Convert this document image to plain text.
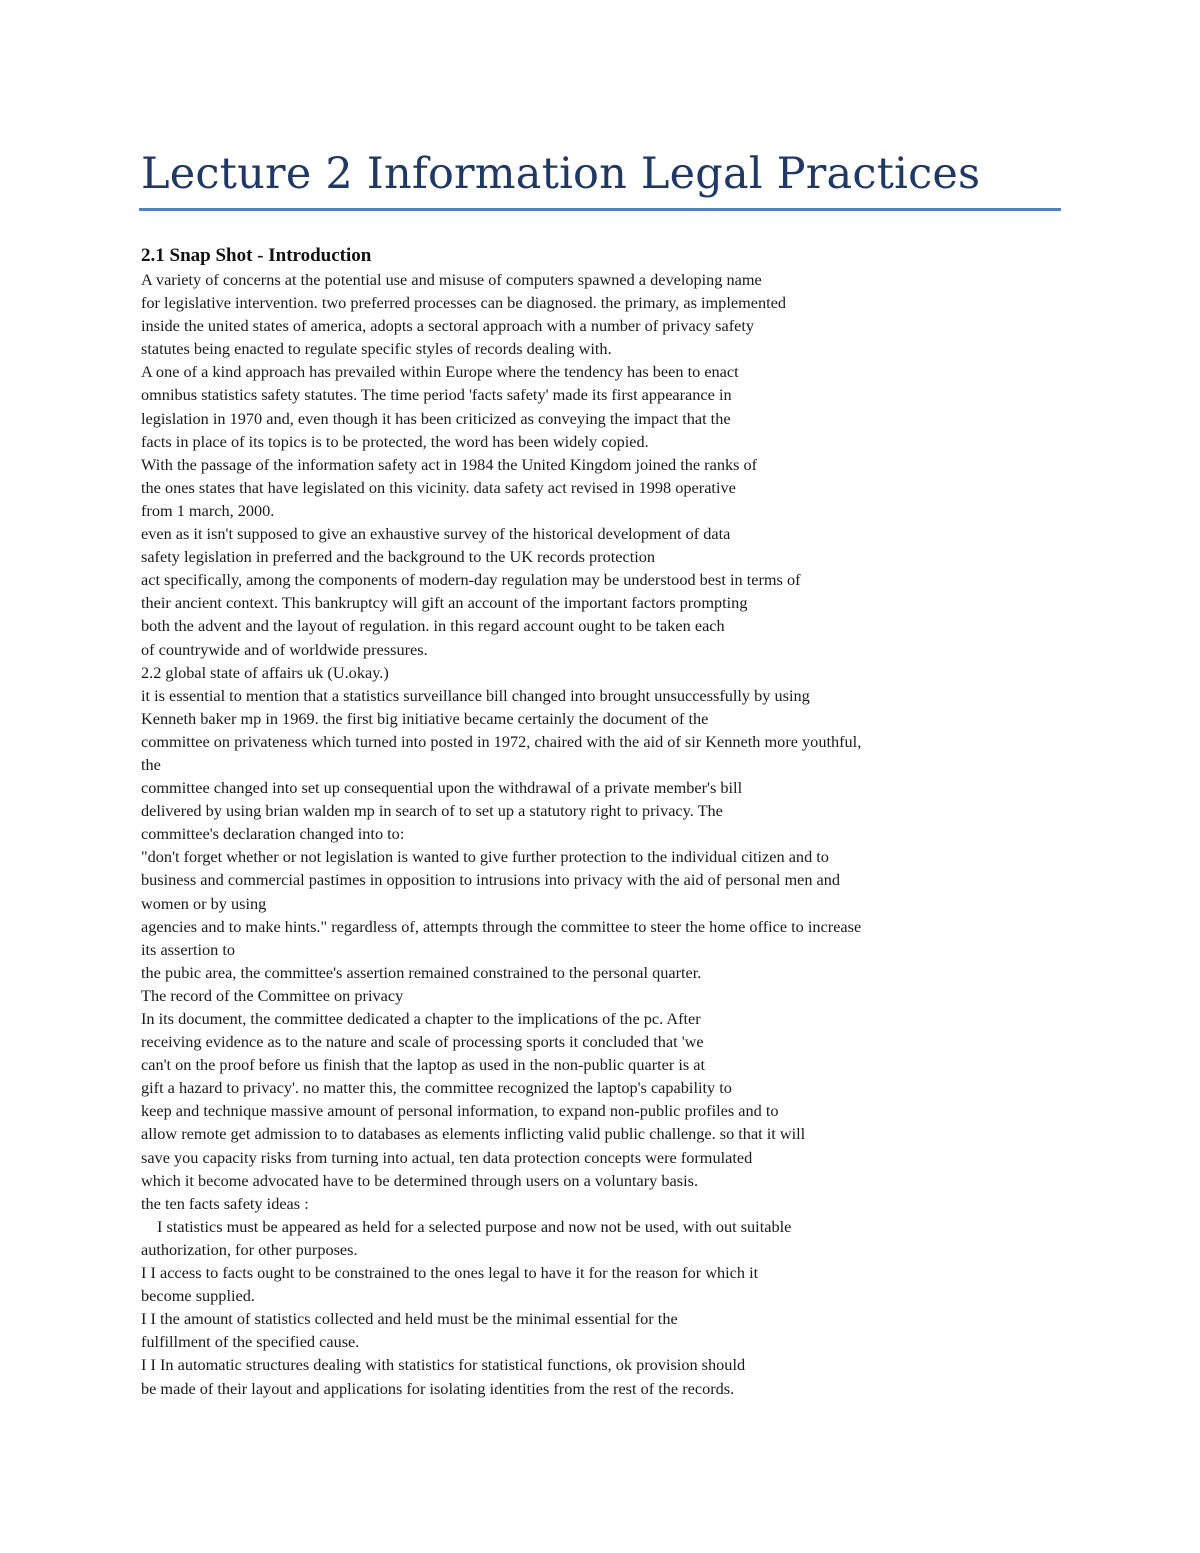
Lecture 2 Information Legal Practices
2.1 Snap Shot - Introduction
A variety of concerns at the potential use and misuse of computers spawned a developing name
for legislative intervention. two preferred processes can be diagnosed. the primary, as implemented
inside the united states of america, adopts a sectoral approach with a number of privacy safety
statutes being enacted to regulate specific styles of records dealing with.
A one of a kind approach has prevailed within Europe where the tendency has been to enact
omnibus statistics safety statutes. The time period 'facts safety' made its first appearance in
legislation in 1970 and, even though it has been criticized as conveying the impact that the
facts in place of its topics is to be protected, the word has been widely copied.
With the passage of the information safety act in 1984 the United Kingdom joined the ranks of
the ones states that have legislated on this vicinity. data safety act revised in 1998 operative
from 1 march, 2000.
even as it isn't supposed to give an exhaustive survey of the historical development of data
safety legislation in preferred and the background to the UK records protection
act specifically, among the components of modern-day regulation may be understood best in terms of
their ancient context. This bankruptcy will gift an account of the important factors prompting
both the advent and the layout of regulation. in this regard account ought to be taken each
of countrywide and of worldwide pressures.
2.2 global state of affairs uk (U.okay.)
it is essential to mention that a statistics surveillance bill changed into brought unsuccessfully by using
Kenneth baker mp in 1969. the first big initiative became certainly the document of the
committee on privateness which turned into posted in 1972, chaired with the aid of sir Kenneth more youthful,
the
committee changed into set up consequential upon the withdrawal of a private member's bill
delivered by using brian walden mp in search of to set up a statutory right to privacy. The
committee's declaration changed into to:
"don't forget whether or not legislation is wanted to give further protection to the individual citizen and to
business and commercial pastimes in opposition to intrusions into privacy with the aid of personal men and
women or by using
agencies and to make hints." regardless of, attempts through the committee to steer the home office to increase
its assertion to
the pubic area, the committee's assertion remained constrained to the personal quarter.
The record of the Committee on privacy
In its document, the committee dedicated a chapter to the implications of the pc. After
receiving evidence as to the nature and scale of processing sports it concluded that 'we
can't on the proof before us finish that the laptop as used in the non-public quarter is at
gift a hazard to privacy'. no matter this, the committee recognized the laptop's capability to
keep and technique massive amount of personal information, to expand non-public profiles and to
allow remote get admission to to databases as elements inflicting valid public challenge. so that it will
save you capacity risks from turning into actual, ten data protection concepts were formulated
which it become advocated have to be determined through users on a voluntary basis.
the ten facts safety ideas :
I statistics must be appeared as held for a selected purpose and now not be used, with out suitable
authorization, for other purposes.
I I access to facts ought to be constrained to the ones legal to have it for the reason for which it
become supplied.
I I the amount of statistics collected and held must be the minimal essential for the
fulfillment of the specified cause.
I I In automatic structures dealing with statistics for statistical functions, ok provision should
be made of their layout and applications for isolating identities from the rest of the records.
